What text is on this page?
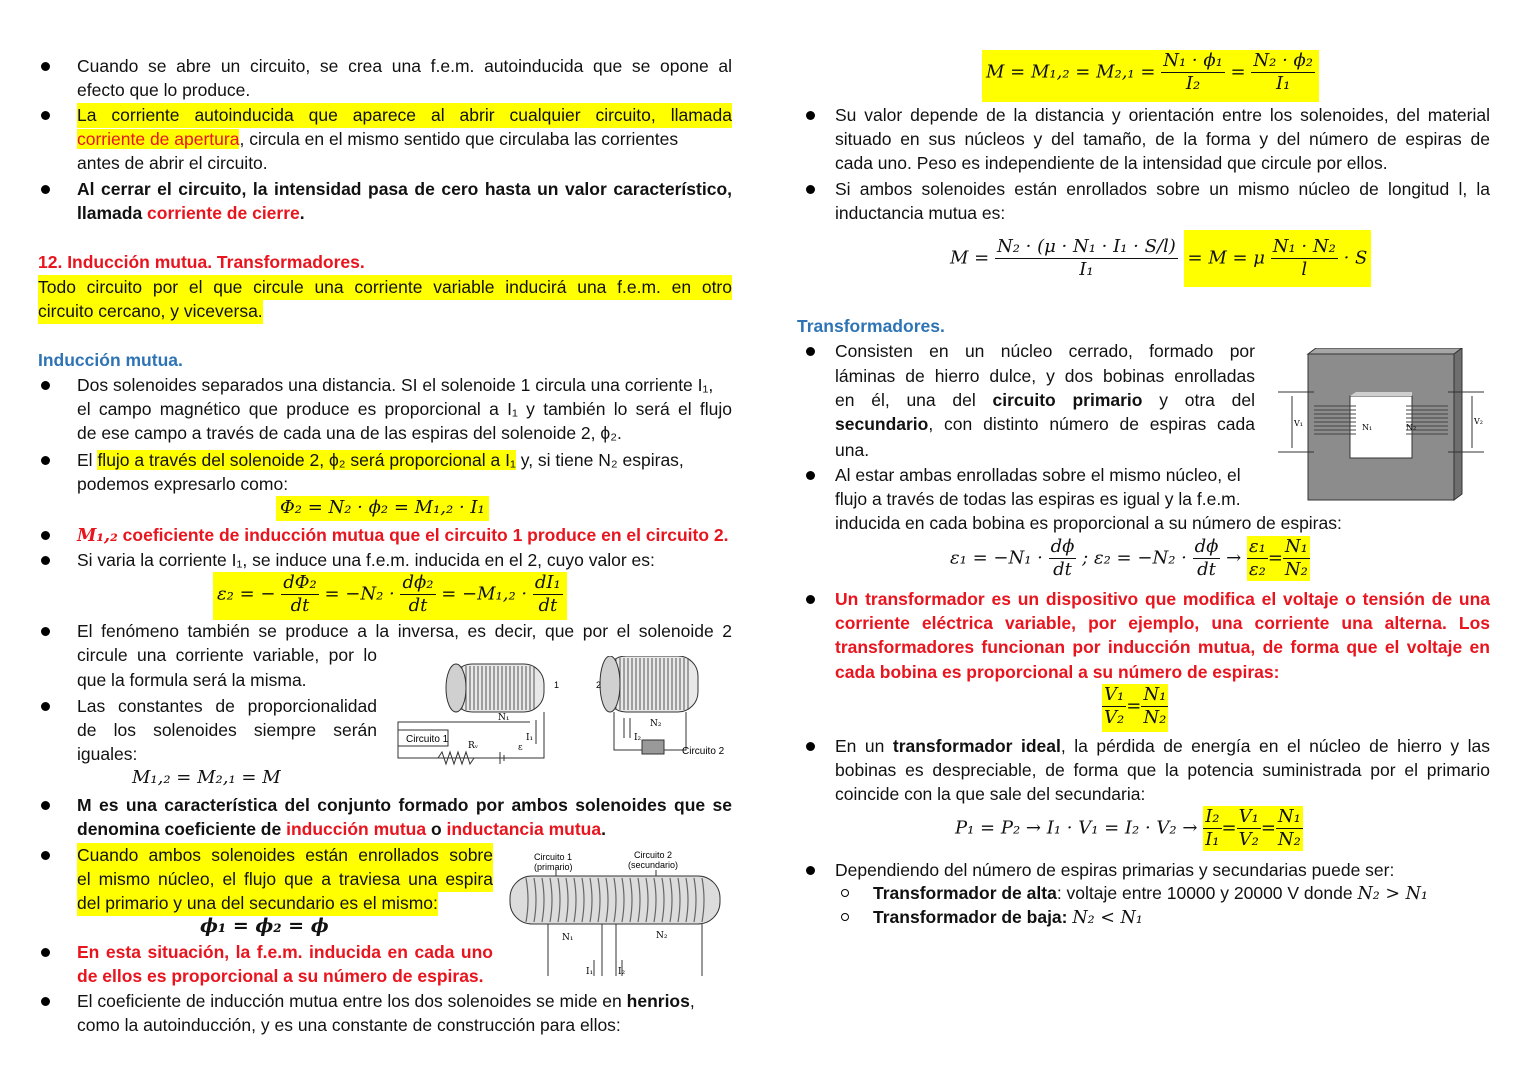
Cuando se abre un circuito, se crea una f.e.m. autoinducida que se opone al
efecto que lo produce.
La corriente autoinducida que aparece al abrir cualquier circuito, llamada
corriente de apertura, circula en el mismo sentido que circulaba las corrientes
antes de abrir el circuito.
Al cerrar el circuito, la intensidad pasa de cero hasta un valor característico,
llamada corriente de cierre.
12. Inducción mutua. Transformadores.
Todo circuito por el que circule una corriente variable inducirá una f.e.m. en otro
circuito cercano, y viceversa.
Inducción mutua.
Dos solenoides separados una distancia. SI el solenoide 1 circula una corriente I₁,
el campo magnético que produce es proporcional a I₁ y también lo será el flujo
de ese campo a través de cada una de las espiras del solenoide 2, ϕ₂.
El flujo a través del solenoide 2, ϕ₂ será proporcional a I₁ y, si tiene N₂ espiras,
podemos expresarlo como:
Φ₂ = N₂ · ϕ₂ = M₁,₂ · I₁
M₁,₂ coeficiente de inducción mutua que el circuito 1 produce en el circuito 2.
Si varia la corriente I₁, se induce una f.e.m. inducida en el 2, cuyo valor es:
ε₂ = − $\frac{\text{dΦ₂}}{dt} = -N_2 \cdot \frac{\text{dϕ₂}}{dt} = -M_1,_2 \cdot \frac{\text{dI₁}}{dt}$
El fenómeno también se produce a la inversa, es decir, que por el solenoide 2
circule una corriente variable, por lo
que la formula será la misma.
Las constantes de proporcionalidad
de los solenoides siempre serán
iguales:
M₁,₂ = M₂,₁ = M
Circuito 1
Circuito 2
N₁
N₂
Rᵥ	ε
I₁	I₂
1	2
M es una característica del conjunto formado por ambos solenoides que se
denomina coeficiente de inducción mutua o inductancia mutua.
Cuando ambos solenoides están enrollados sobre
el mismo núcleo, el flujo que a traviesa una espira
del primario y una del secundario es el mismo:
ϕ₁ = ϕ₂ = ϕ
Circuito 1
(primario)
Circuito 2
(secundario)
N₁	N₂
I₁	I₂
En esta situación, la f.e.m. inducida en cada uno
de ellos es proporcional a su número de espiras.
El coeficiente de inducción mutua entre los dos solenoides se mide en henrios,
como la autoinducción, y es una constante de construcción para ellos:
$M = M_1,_2 = M_2,_1 = \frac{\text{N₁ · ϕ₁}}{\text{I₂}} = \frac{\text{N₂ · ϕ₂}}{\text{I₁}}$
Su valor depende de la distancia y orientación entre los solenoides, del material
situado en sus núcleos y del tamaño, de la forma y del número de espiras de
cada uno. Peso es independiente de la intensidad que circule por ellos.
Si ambos solenoides están enrollados sobre un mismo núcleo de longitud l, la
inductancia mutua es:
$M = \frac{\text{N₂ · (μ · N₁ · I₁ · S/l)}}{\text{I₁}} = M = \mu \frac{\text{N₁ · N₂}}{l} \cdot S$
Transformadores.
Consisten en un núcleo cerrado, formado por
láminas de hierro dulce, y dos bobinas enrolladas
en él, una del circuito primario y otra del
secundario, con distinto número de espiras cada
una.
Al estar ambas enrolladas sobre el mismo núcleo, el
flujo a través de todas las espiras es igual y la f.e.m.
inducida en cada bobina es proporcional a su número de espiras:
V₁	V₂
N₁	N₂
$\varepsilon_1 = -N_1 \cdot \frac{d\phi}{dt}$ ; $\varepsilon_2 = -N_2 \cdot \frac{d\phi}{dt} \to \frac{\text{ε₁}}{\text{ε₂}} = \frac{\text{N₁}}{\text{N₂}}$
Un transformador es un dispositivo que modifica el voltaje o tensión de una
corriente eléctrica variable, por ejemplo, una corriente una alterna. Los
transformadores funcionan por inducción mutua, de forma que el voltaje en
cada bobina es proporcional a su número de espiras:
$\frac{\text{V₁}}{\text{V₂}} = \frac{\text{N₁}}{\text{N₂}}$
En un transformador ideal, la pérdida de energía en el núcleo de hierro y las
bobinas es despreciable, de forma que la potencia suministrada por el primario
coincide con la que sale del secundaria:
$P_1 = P_2 \to I_1 \cdot V_1 = I_2 \cdot V_2 \to \frac{\text{I₂}}{\text{I₁}} = \frac{\text{V₁}}{\text{V₂}} = \frac{\text{N₁}}{\text{N₂}}$
Dependiendo del número de espiras primarias y secundarias puede ser:
Transformador de alta: voltaje entre 10000 y 20000 V donde N₂ > N₁
Transformador de baja: N₂ < N₁
